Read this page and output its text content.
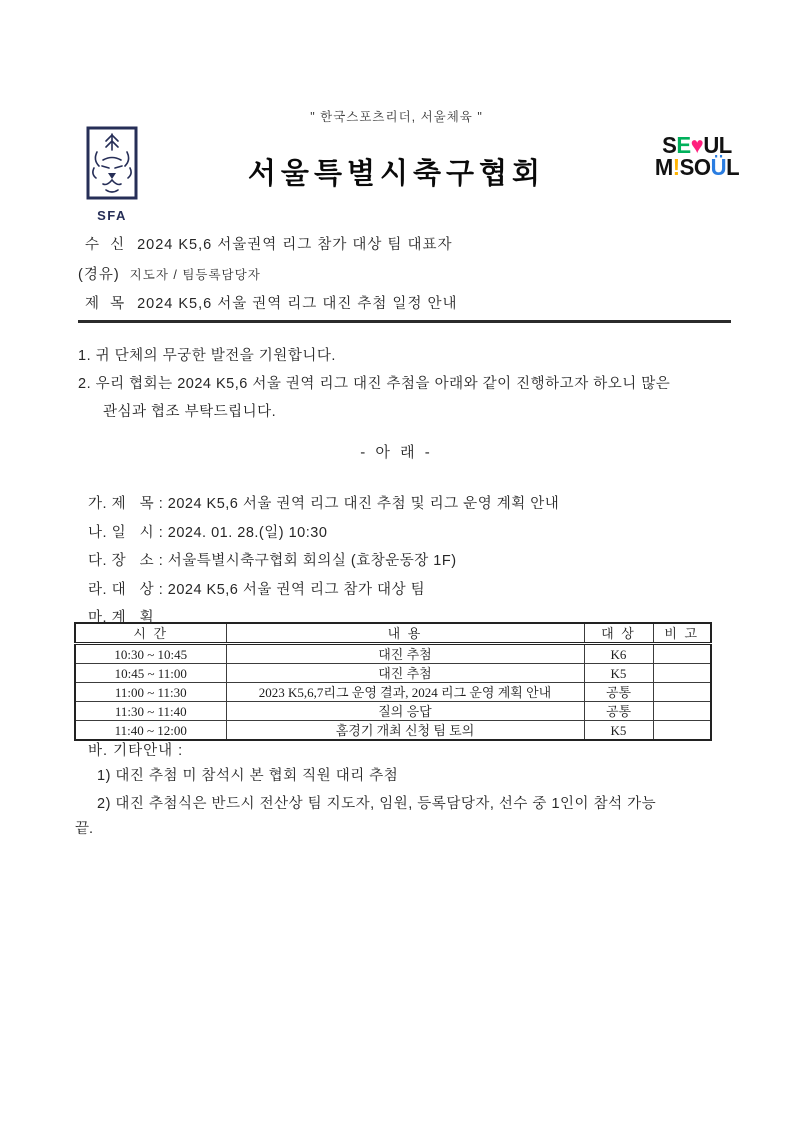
" 한국스포츠리더, 서울체육 "
SFA
서울특별시축구협회
SE♥UL
M!SOÜL
수  신 2024 K5,6 서울권역 리그 참가 대상 팀 대표자
(경유) 지도자 / 팀등록담당자
제  목 2024 K5,6 서울 권역 리그 대진 추첨 일정 안내
1. 귀 단체의 무궁한 발전을 기원합니다.
2. 우리 협회는 2024 K5,6 서울 권역 리그 대진 추첨을 아래와 같이 진행하고자 하오니 많은
관심과 협조 부탁드립니다.
- 아 래 -
가. 제   목 : 2024 K5,6 서울 권역 리그 대진 추첨 및 리그 운영 계획 안내
나. 일   시 : 2024. 01. 28.(일) 10:30
다. 장   소 : 서울특별시축구협회 회의실 (효창운동장 1F)
라. 대   상 : 2024 K5,6 서울 권역 리그 참가 대상 팀
마. 계   획
시 간	내 용	대 상	비 고
10:30 ~ 10:45	대진 추첨	K6	
10:45 ~ 11:00	대진 추첨	K5	
11:00 ~ 11:30	2023 K5,6,7리그 운영 결과, 2024 리그 운영 계획 안내	공통	
11:30 ~ 11:40	질의 응답	공통	
11:40 ~ 12:00	홈경기 개최 신청 팀 토의	K5	
바. 기타안내 :
1) 대진 추첨 미 참석시 본 협회 직원 대리 추첨
2) 대진 추첨식은 반드시 전산상 팀 지도자, 임원, 등록담당자, 선수 중 1인이 참석 가능
끝.
